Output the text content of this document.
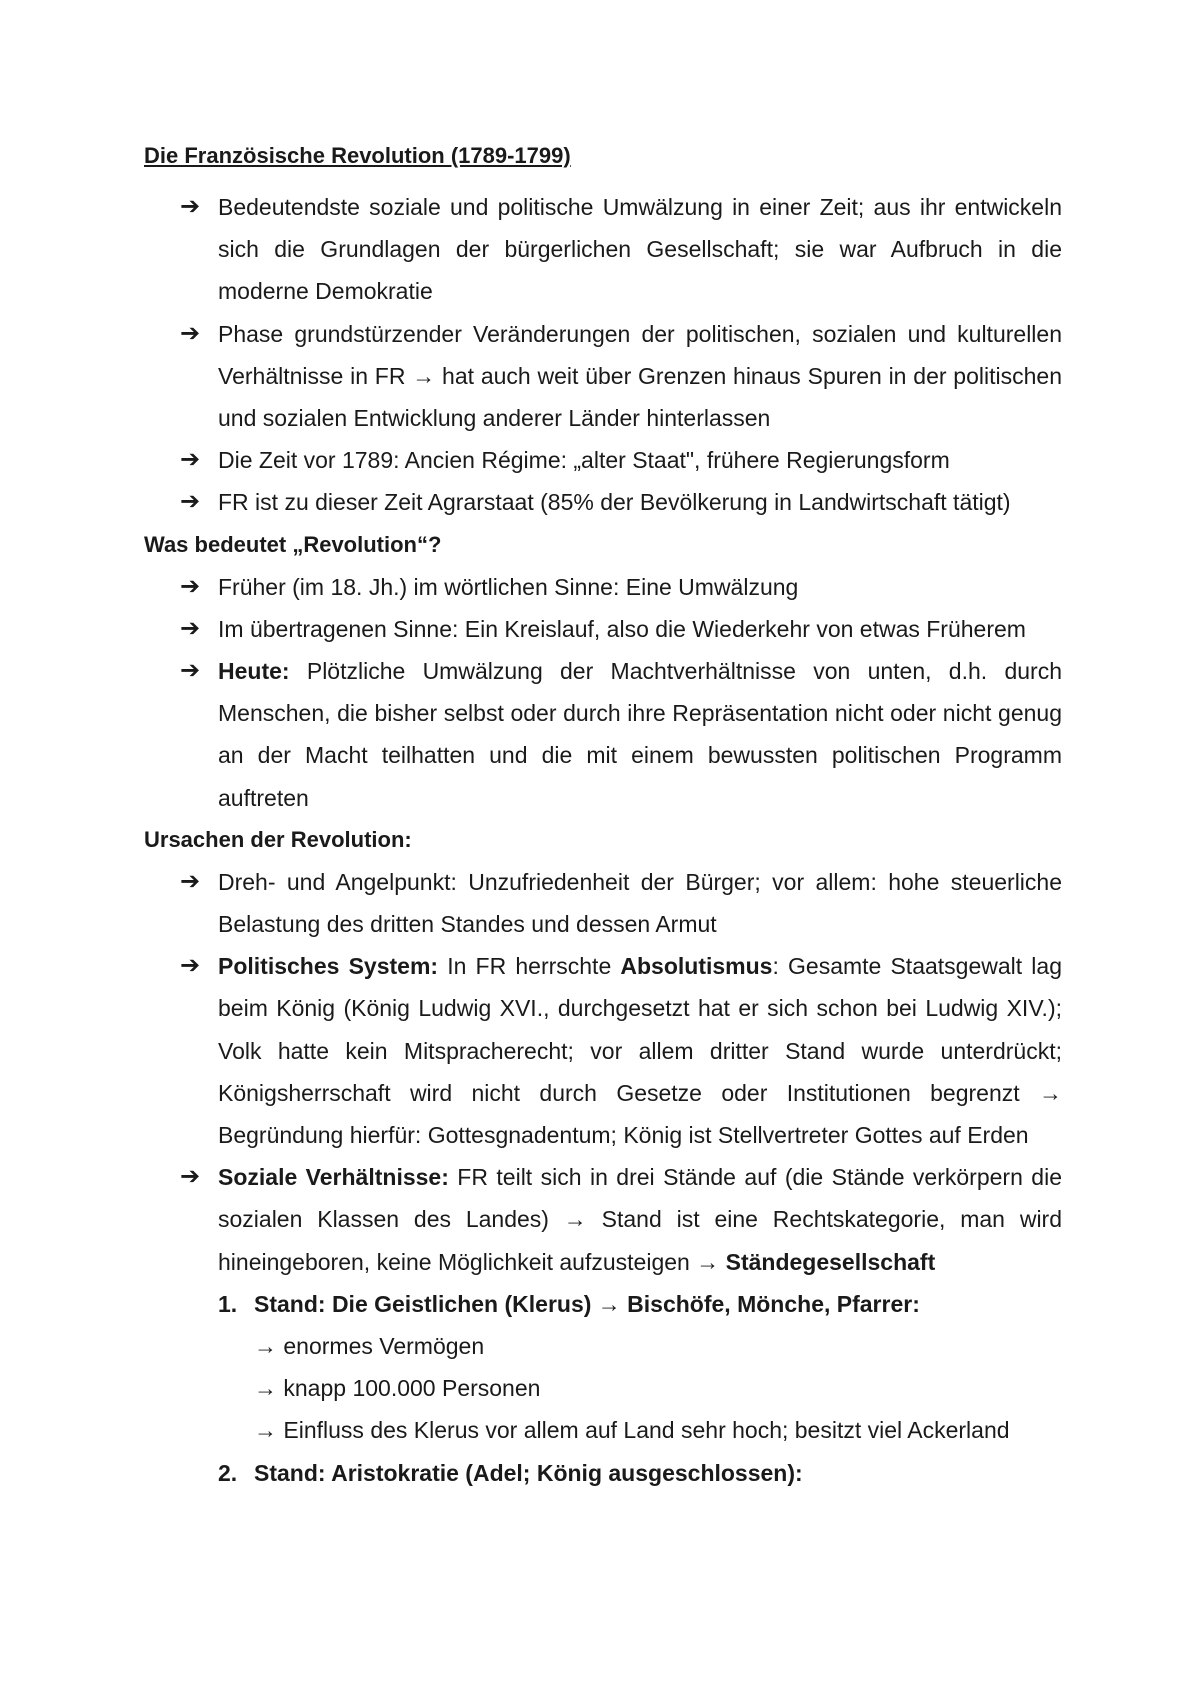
Die Französische Revolution (1789-1799)
➔ Bedeutendste soziale und politische Umwälzung in einer Zeit; aus ihr entwickeln sich die Grundlagen der bürgerlichen Gesellschaft; sie war Aufbruch in die moderne Demokratie
➔ Phase grundstürzender Veränderungen der politischen, sozialen und kulturellen Verhältnisse in FR → hat auch weit über Grenzen hinaus Spuren in der politischen und sozialen Entwicklung anderer Länder hinterlassen
➔ Die Zeit vor 1789: Ancien Régime: „alter Staat", frühere Regierungsform
➔ FR ist zu dieser Zeit Agrarstaat (85% der Bevölkerung in Landwirtschaft tätigt)
Was bedeutet „Revolution“?
➔ Früher (im 18. Jh.) im wörtlichen Sinne: Eine Umwälzung
➔ Im übertragenen Sinne: Ein Kreislauf, also die Wiederkehr von etwas Früherem
➔ Heute: Plötzliche Umwälzung der Machtverhältnisse von unten, d.h. durch Menschen, die bisher selbst oder durch ihre Repräsentation nicht oder nicht genug an der Macht teilhatten und die mit einem bewussten politischen Programm auftreten
Ursachen der Revolution:
➔ Dreh- und Angelpunkt: Unzufriedenheit der Bürger; vor allem: hohe steuerliche Belastung des dritten Standes und dessen Armut
➔ Politisches System: In FR herrschte Absolutismus: Gesamte Staatsgewalt lag beim König (König Ludwig XVI., durchgesetzt hat er sich schon bei Ludwig XIV.); Volk hatte kein Mitspracherecht; vor allem dritter Stand wurde unterdrückt; Königsherrschaft wird nicht durch Gesetze oder Institutionen begrenzt → Begründung hierfür: Gottesgnadentum; König ist Stellvertreter Gottes auf Erden
➔ Soziale Verhältnisse: FR teilt sich in drei Stände auf (die Stände verkörpern die sozialen Klassen des Landes) → Stand ist eine Rechtskategorie, man wird hineingeboren, keine Möglichkeit aufzusteigen → Ständegesellschaft
1. Stand: Die Geistlichen (Klerus) → Bischöfe, Mönche, Pfarrer:
→ enormes Vermögen
→ knapp 100.000 Personen
→ Einfluss des Klerus vor allem auf Land sehr hoch; besitzt viel Ackerland
2. Stand: Aristokratie (Adel; König ausgeschlossen):
